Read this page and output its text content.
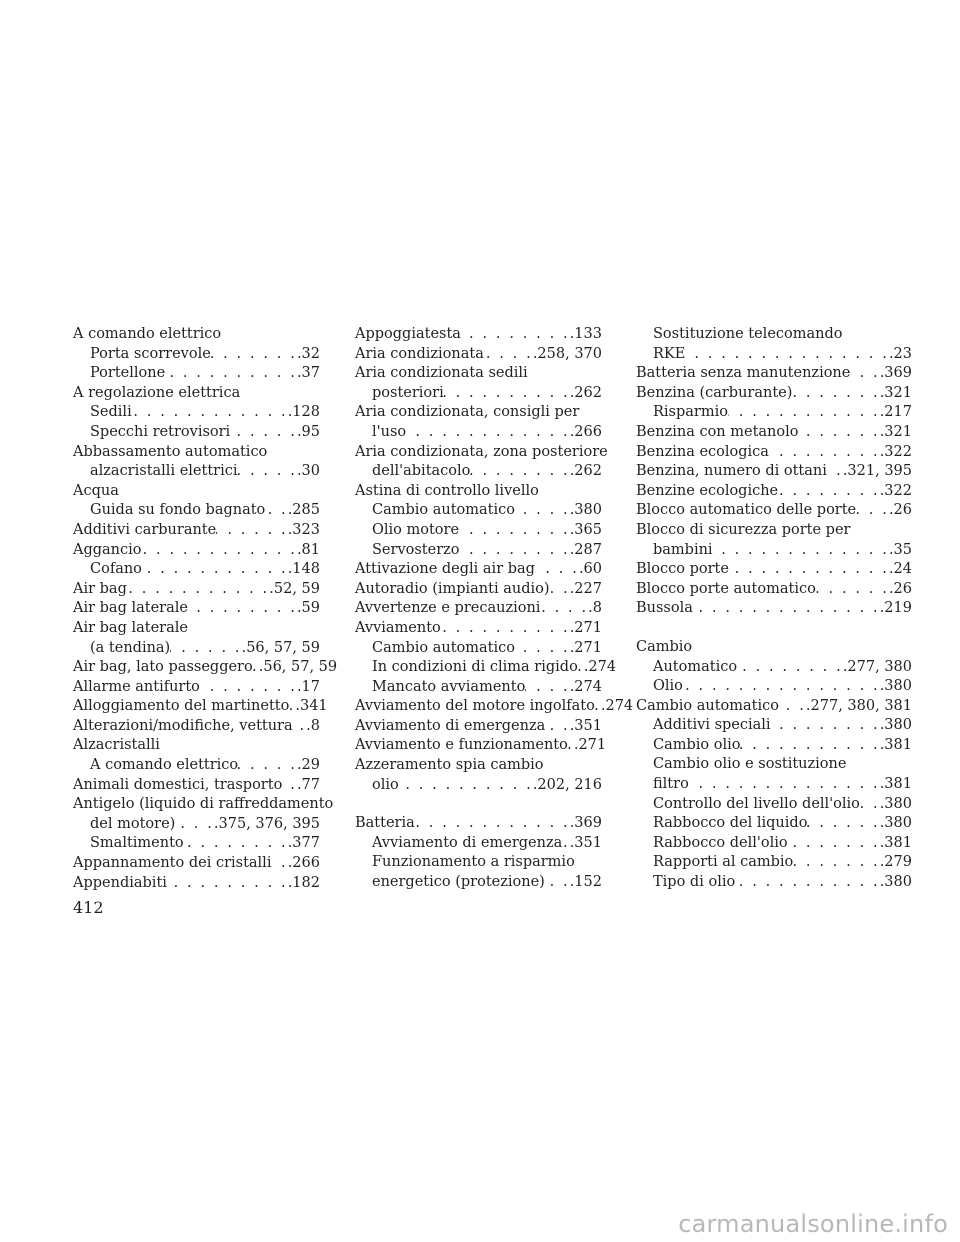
A comando elettrico
Porta scorrevole . . .	.32
Portellone . . .	.37
A regolazione elettrica
Sedili . . .	.128
Specchi retrovisori . . .	.95
Abbassamento automatico
alzacristalli elettrici . . .	.30
Acqua
Guida su fondo bagnato . . . .285
Additivi carburante . . .	.323
Aggancio . . .	.81
Cofano . . .	.148
Air bag . . .	.52, 59
Air bag laterale . . .	.59
Air bag laterale
(a tendina) . . .	.56, 57, 59
Air bag, lato passeggero . . . .56, 57, 59
Allarme antifurto . . .	.17
Alloggiamento del martinetto . . . .341
Alterazioni/modifiche, vettura . . . .8
Alzacristalli
A comando elettrico . . .	.29
Animali domestici, trasporto . . . .77
Antigelo (liquido di raffreddamento
del motore) . . .	.375, 376, 395
Smaltimento . . .	.377
Appannamento dei cristalli . . . .266
Appendiabiti . . .	.182
Appoggiatesta . . .	.133
Aria condizionata . . .	.258, 370
Aria condizionata sedili
posteriori . . .	.262
Aria condizionata, consigli per
l'uso . . .	.266
Aria condizionata, zona posteriore
dell'abitacolo . . .	.262
Astina di controllo livello
Cambio automatico . . .	.380
Olio motore . . .	.365
Servosterzo . . .	.287
Attivazione degli air bag . . .	.60
Autoradio (impianti audio) . . . .227
Avvertenze e precauzioni . . .	.8
Avviamento . . .	.271
Cambio automatico . . .	.271
In condizioni di clima rigido . . . .274
Mancato avviamento . . .	.274
Avviamento del motore ingolfato . . . .274
Avviamento di emergenza . . . .351
Avviamento e funzionamento . . . .271
Azzeramento spia cambio
olio . . .	.202, 216
Batteria . . .	.369
Avviamento di emergenza . . . .351
Funzionamento a risparmio
energetico (protezione) . . . .152
Sostituzione telecomando
RKE . . .	.23
Batteria senza manutenzione . . . .369
Benzina (carburante) . . .	.321
Risparmio . . .	.217
Benzina con metanolo . . .	.321
Benzina ecologica . . .	.322
Benzina, numero di ottani . . . .321, 395
Benzine ecologiche . . .	.322
Blocco automatico delle porte . . . .26
Blocco di sicurezza porte per
bambini . . .	.35
Blocco porte . . .	.24
Blocco porte automatico . . .	.26
Bussola . . .	.219
Cambio
Automatico . . .	.277, 380
Olio . . .	.380
Cambio automatico . . . .277, 380, 381
Additivi speciali . . .	.380
Cambio olio . . .	.381
Cambio olio e sostituzione
filtro . . .	.381
Controllo del livello dell'olio . . . .380
Rabbocco del liquido . . .	.380
Rabbocco dell'olio . . .	.381
Rapporti al cambio . . .	.279
Tipo di olio . . .	.380
412
carmanualsonline.info
